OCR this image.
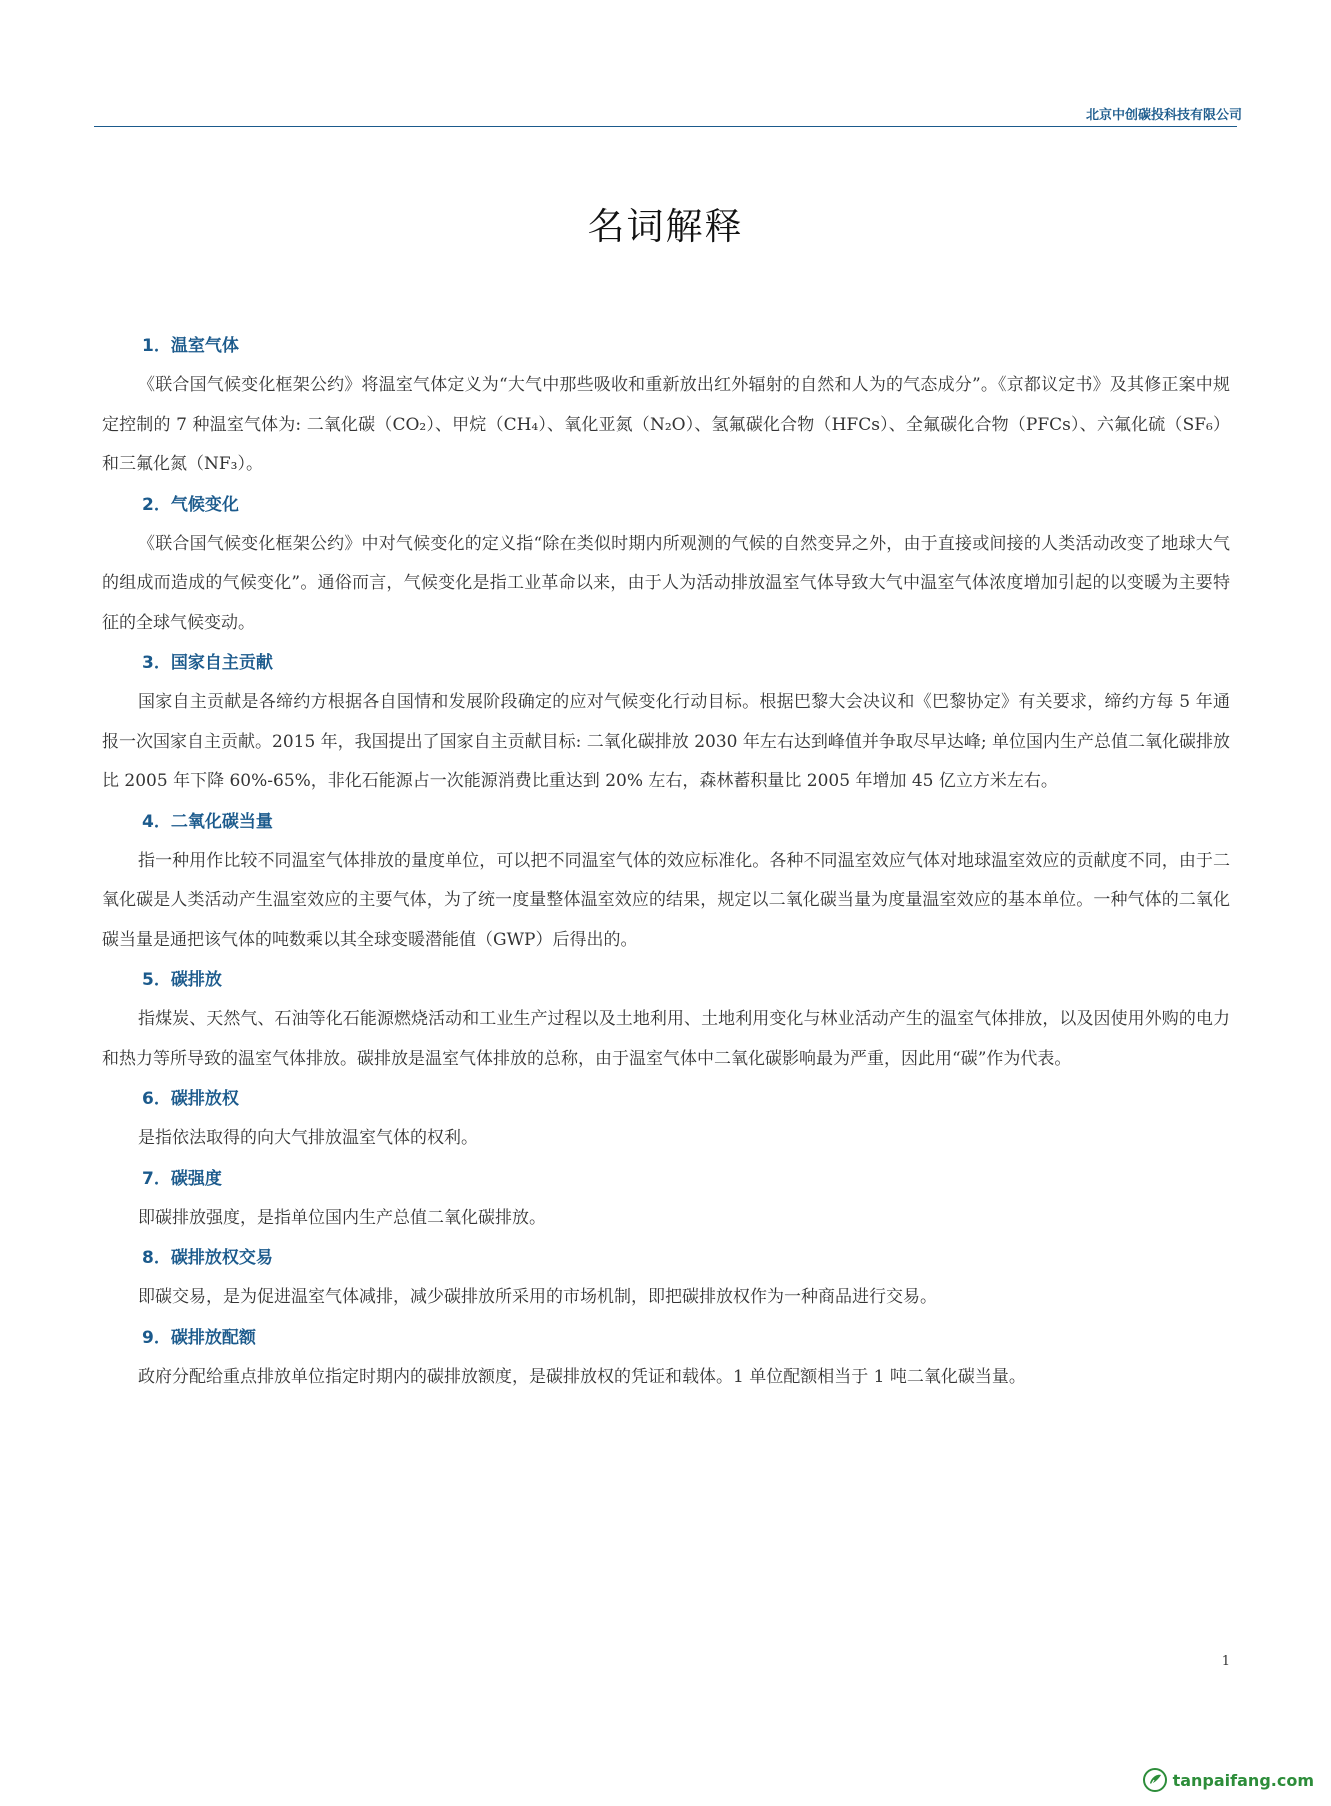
北京中创碳投科技有限公司
名词解释
1．温室气体

《联合国气候变化框架公约》将温室气体定义为“大气中那些吸收和重新放出红外辐射的自然和人为的气态成分”。《京都议定书》及其修正案中规定控制的 7 种温室气体为: 二氧化碳（CO₂）、甲烷（CH₄）、氧化亚氮（N₂O）、氢氟碳化合物（HFCs）、全氟碳化合物（PFCs）、六氟化硫（SF₆）和三氟化氮（NF₃）。

2．气候变化

《联合国气候变化框架公约》中对气候变化的定义指“除在类似时期内所观测的气候的自然变异之外，由于直接或间接的人类活动改变了地球大气的组成而造成的气候变化”。通俗而言，气候变化是指工业革命以来，由于人为活动排放温室气体导致大气中温室气体浓度增加引起的以变暖为主要特征的全球气候变动。

3．国家自主贡献

国家自主贡献是各缔约方根据各自国情和发展阶段确定的应对气候变化行动目标。根据巴黎大会决议和《巴黎协定》有关要求，缔约方每 5 年通报一次国家自主贡献。2015 年，我国提出了国家自主贡献目标: 二氧化碳排放 2030 年左右达到峰值并争取尽早达峰; 单位国内生产总值二氧化碳排放比 2005 年下降 60%-65%，非化石能源占一次能源消费比重达到 20% 左右，森林蓄积量比 2005 年增加 45 亿立方米左右。

4．二氧化碳当量

指一种用作比较不同温室气体排放的量度单位，可以把不同温室气体的效应标准化。各种不同温室效应气体对地球温室效应的贡献度不同，由于二氧化碳是人类活动产生温室效应的主要气体，为了统一度量整体温室效应的结果，规定以二氧化碳当量为度量温室效应的基本单位。一种气体的二氧化碳当量是通把该气体的吨数乘以其全球变暖潜能值（GWP）后得出的。

5．碳排放

指煤炭、天然气、石油等化石能源燃烧活动和工业生产过程以及土地利用、土地利用变化与林业活动产生的温室气体排放，以及因使用外购的电力和热力等所导致的温室气体排放。碳排放是温室气体排放的总称，由于温室气体中二氧化碳影响最为严重，因此用“碳”作为代表。

6．碳排放权

是指依法取得的向大气排放温室气体的权利。

7．碳强度

即碳排放强度，是指单位国内生产总值二氧化碳排放。

8．碳排放权交易

即碳交易，是为促进温室气体减排，减少碳排放所采用的市场机制，即把碳排放权作为一种商品进行交易。

9．碳排放配额

政府分配给重点排放单位指定时期内的碳排放额度，是碳排放权的凭证和载体。1 单位配额相当于 1 吨二氧化碳当量。

1
tanpaifang.com
